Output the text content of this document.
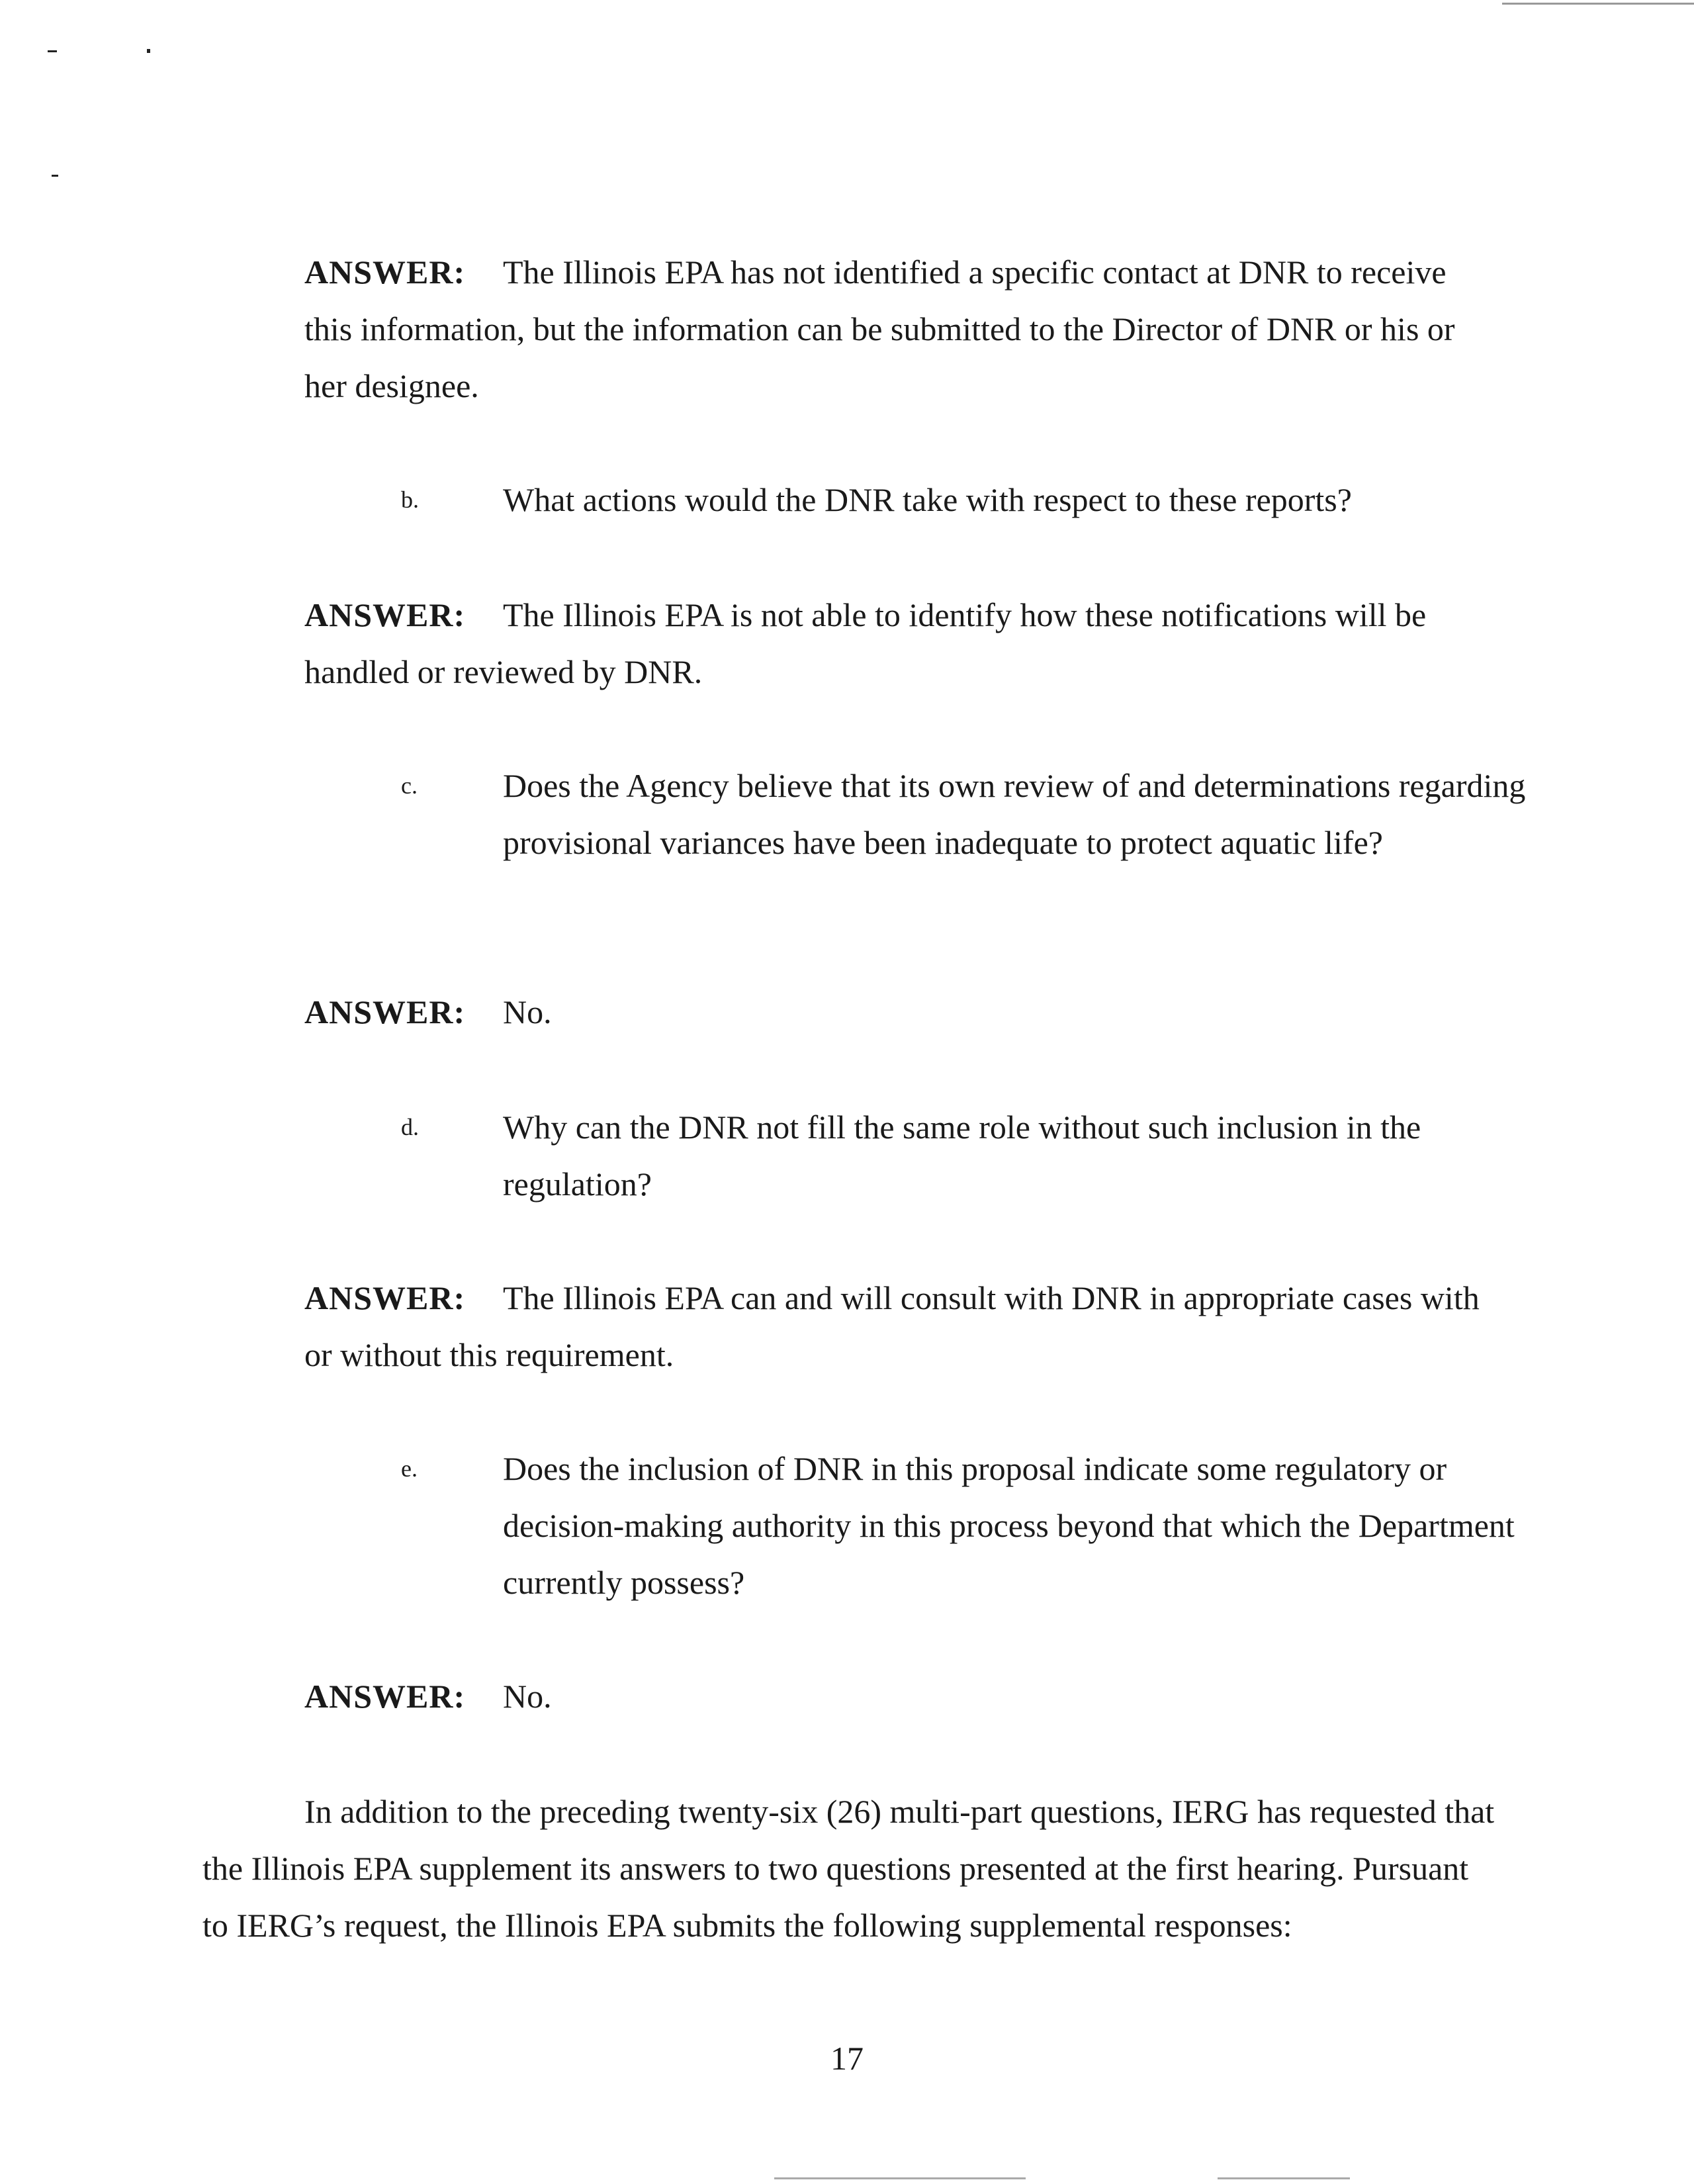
ANSWER: The Illinois EPA has not identified a specific contact at DNR to receive this information, but the information can be submitted to the Director of DNR or his or her designee.

b.	What actions would the DNR take with respect to these reports?

ANSWER: The Illinois EPA is not able to identify how these notifications will be handled or reviewed by DNR.

c.	Does the Agency believe that its own review of and determinations regarding provisional variances have been inadequate to protect aquatic life?

ANSWER: No.

d.	Why can the DNR not fill the same role without such inclusion in the regulation?

ANSWER: The Illinois EPA can and will consult with DNR in appropriate cases with or without this requirement.

e.	Does the inclusion of DNR in this proposal indicate some regulatory or decision-making authority in this process beyond that which the Department currently possess?

ANSWER: No.

In addition to the preceding twenty-six (26) multi-part questions, IERG has requested that the Illinois EPA supplement its answers to two questions presented at the first hearing. Pursuant to IERG’s request, the Illinois EPA submits the following supplemental responses:

17
